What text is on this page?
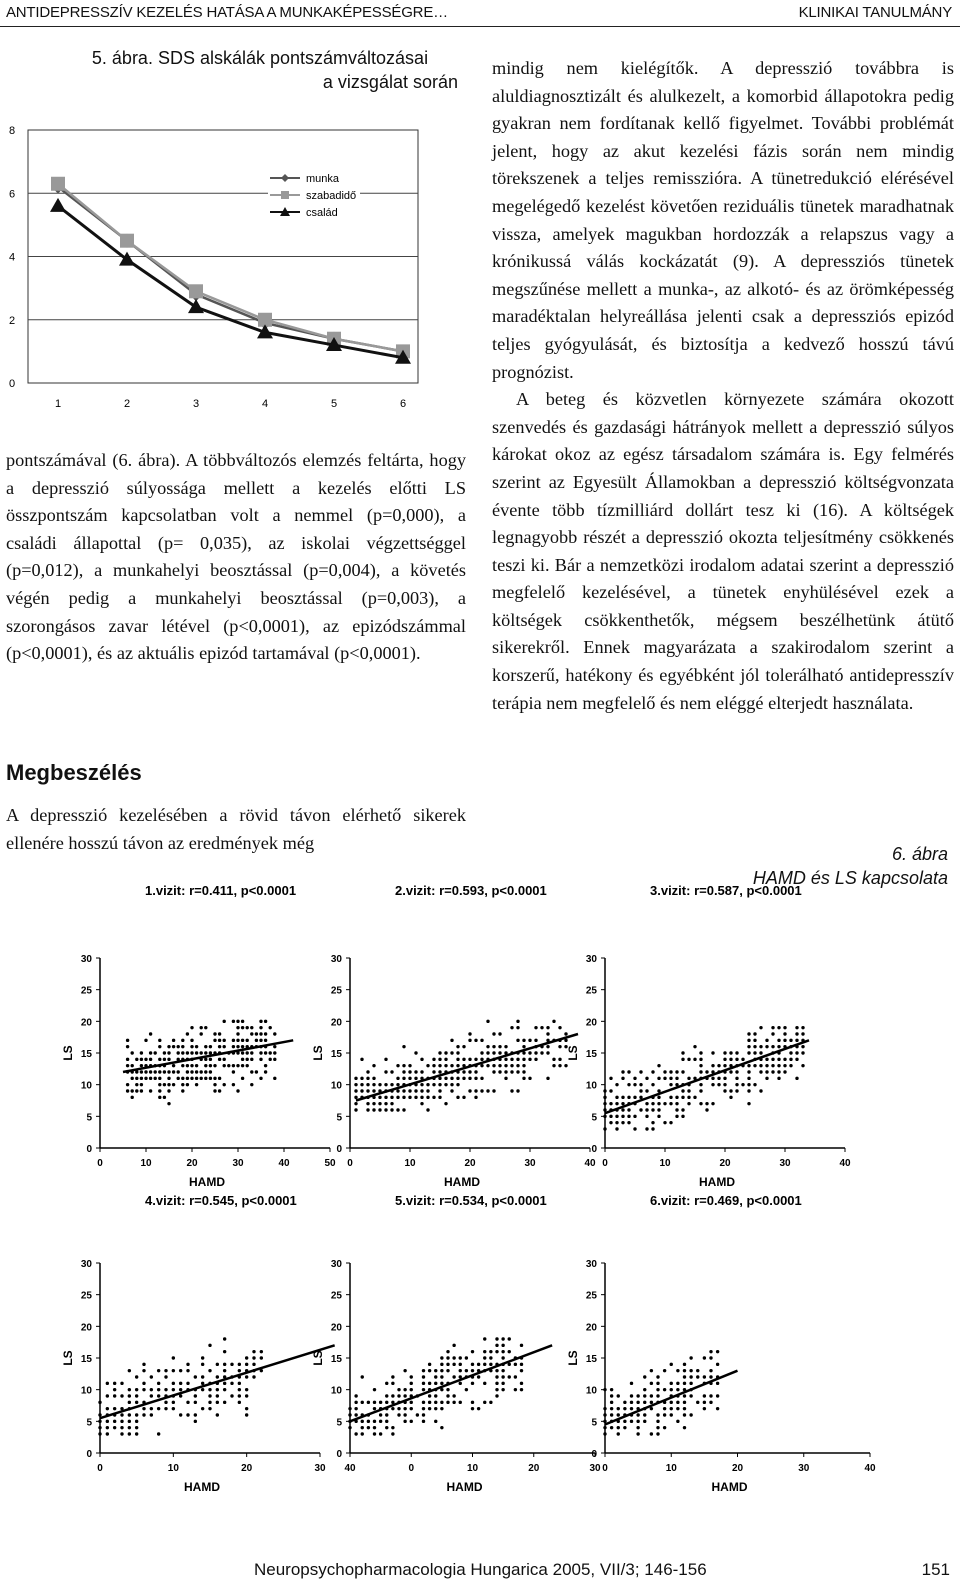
ANTIDEPRESSZÍV KEZELÉS HATÁSA A MUNKAKÉPESSÉGRE…	KLINIKAI TANULMÁNY
5. ábra. SDS alskálák pontszámváltozásai
a vizsgálat során
0
2
4
6
8
1	2	3	4	5	6
munka
szabadidő
család

pontszámával (6. ábra). A többváltozós elemzés feltárta, hogy a depresszió súlyossága mellett a kezelés előtti LS összpontszám kapcsolatban volt a nemmel (p=0,000), a családi állapottal (p= 0,035), az iskolai végzettséggel (p=0,012), a munkahelyi beosztással (p=0,004), a követés végén pedig a munkahelyi beosztással (p=0,003), a szorongásos zavar létével (p<0,0001), az epizódszámmal (p<0,0001), és az aktuális epizód tartamával (p<0,0001).

Megbeszélés

A depresszió kezelésében a rövid távon elérhető sikerek ellenére hosszú távon az eredmények még

mindig nem kielégítők. A depresszió továbbra is aluldiagnosztizált és alulkezelt, a komorbid állapotokra pedig gyakran nem fordítanak kellő figyelmet. További problémát jelent, hogy az akut kezelési fázis során nem mindig törekszenek a teljes remisszióra. A tünetredukció elérésével megelégedő kezelést követően reziduális tünetek maradhatnak vissza, amelyek magukban hordozzák a relapszus vagy a krónikussá válás kockázatát (9). A depressziós tünetek megszűnése mellett a munka-, az alkotó- és az örömképesség maradéktalan helyreállása jelenti csak a depressziós epizód teljes gyógyulását, és biztosítja a kedvező hosszú távú prognózist.

A beteg és közvetlen környezete számára okozott szenvedés és gazdasági hátrányok mellett a depresszió súlyos károkat okoz az egész társadalom számára is. Egy felmérés szerint az Egyesült Államokban a depresszió költségvonzata évente több tízmilliárd dollárt tesz ki (16). A költségek legnagyobb részét a depresszió okozta teljesítmény csökkenés teszi ki. Bár a nemzetközi irodalom adatai szerint a depresszió megfelelő kezelésével, a tünetek enyhülésével ezek a költségek csökkenthetők, mégsem beszélhetünk átütő sikerekről. Ennek magyarázata a szakirodalom szerint a korszerű, hatékony és egyébként jól tolerálható antidepresszív terápia nem megfelelő és nem eléggé elterjedt használata.

6. ábra
HAMD és LS kapcsolata
1.vizit: r=0.411, p<0.0001
0
5
10
15
20
25
30
0	10	20	30	40	50
HAMD
LS
2.vizit: r=0.593, p<0.0001
0
5
10
15
20
25
30
0	10	20	30	40
HAMD
LS
3.vizit: r=0.587, p<0.0001
0
5
10
15
20
25
30
0	10	20	30	40
HAMD
LS
4.vizit: r=0.545, p<0.0001
0
5
10
15
20
25
30
0	10	20	30
HAMD
LS
5.vizit: r=0.534, p<0.0001
0
5
10
15
20
25
30
40	0	10	20	30
HAMD
LS
6.vizit: r=0.469, p<0.0001
0
5
10
15
20
25
30
0	10	20	30	40
HAMD
LS
Neuropsychopharmacologia Hungarica 2005, VII/3; 146-156	151
